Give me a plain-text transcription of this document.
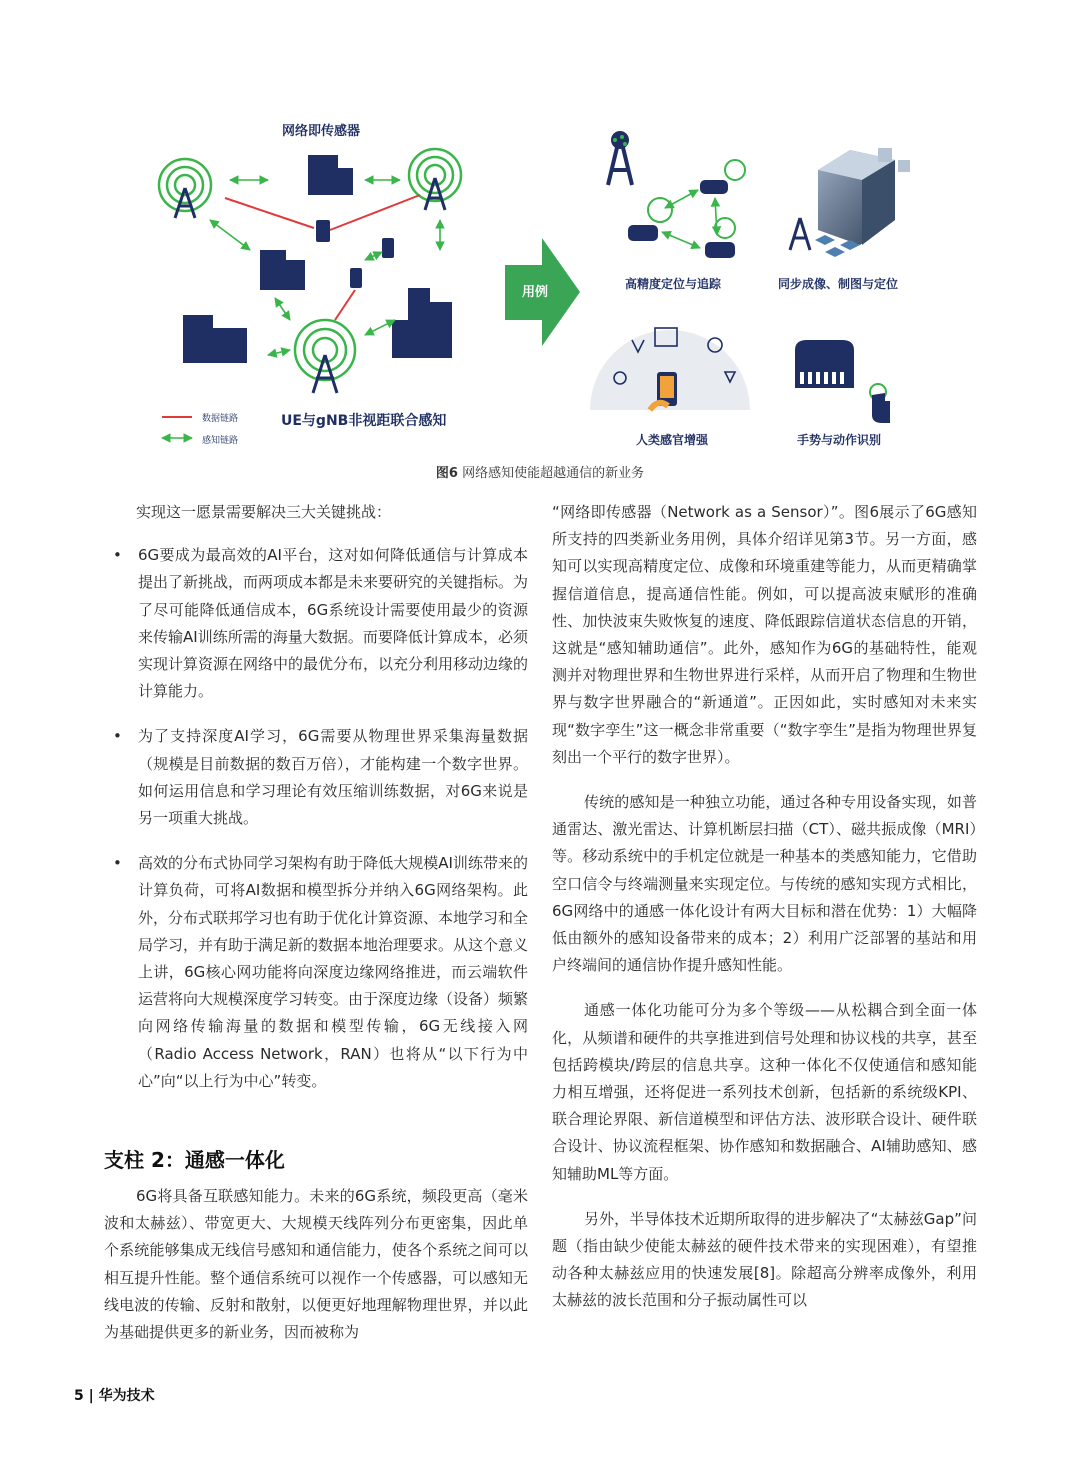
网络即传感器
UE与gNB非视距联合感知
数据链路
感知链路
用例
高精度定位与追踪	同步成像、制图与定位
人类感官增强	手势与动作识别
图6 网络感知使能超越通信的新业务

实现这一愿景需要解决三大关键挑战：

• 6G要成为最高效的AI平台，这对如何降低通信与计算成本提出了新挑战，而两项成本都是未来要研究的关键指标。为了尽可能降低通信成本，6G系统设计需要使用最少的资源来传输AI训练所需的海量大数据。而要降低计算成本，必须实现计算资源在网络中的最优分布，以充分利用移动边缘的计算能力。

• 为了支持深度AI学习，6G需要从物理世界采集海量数据（规模是目前数据的数百万倍），才能构建一个数字世界。如何运用信息和学习理论有效压缩训练数据，对6G来说是另一项重大挑战。

• 高效的分布式协同学习架构有助于降低大规模AI训练带来的计算负荷，可将AI数据和模型拆分并纳入6G网络架构。此外，分布式联邦学习也有助于优化计算资源、本地学习和全局学习，并有助于满足新的数据本地治理要求。从这个意义上讲，6G核心网功能将向深度边缘网络推进，而云端软件运营将向大规模深度学习转变。由于深度边缘（设备）频繁向网络传输海量的数据和模型传输，6G无线接入网（Radio Access Network，RAN）也将从“以下行为中心”向“以上行为中心”转变。

支柱 2：通感一体化

6G将具备互联感知能力。未来的6G系统，频段更高（毫米波和太赫兹）、带宽更大、大规模天线阵列分布更密集，因此单个系统能够集成无线信号感知和通信能力，使各个系统之间可以相互提升性能。整个通信系统可以视作一个传感器，可以感知无线电波的传输、反射和散射，以便更好地理解物理世界，并以此为基础提供更多的新业务，因而被称为

“网络即传感器（Network as a Sensor）”。图6展示了6G感知所支持的四类新业务用例，具体介绍详见第3节。另一方面，感知可以实现高精度定位、成像和环境重建等能力，从而更精确掌握信道信息，提高通信性能。例如，可以提高波束赋形的准确性、加快波束失败恢复的速度、降低跟踪信道状态信息的开销，这就是“感知辅助通信”。此外，感知作为6G的基础特性，能观测并对物理世界和生物世界进行采样，从而开启了物理和生物世界与数字世界融合的“新通道”。正因如此，实时感知对未来实现“数字孪生”这一概念非常重要（“数字孪生”是指为物理世界复刻出一个平行的数字世界）。

传统的感知是一种独立功能，通过各种专用设备实现，如普通雷达、激光雷达、计算机断层扫描（CT）、磁共振成像（MRI）等。移动系统中的手机定位就是一种基本的类感知能力，它借助空口信令与终端测量来实现定位。与传统的感知实现方式相比，6G网络中的通感一体化设计有两大目标和潜在优势：1）大幅降低由额外的感知设备带来的成本；2）利用广泛部署的基站和用户终端间的通信协作提升感知性能。

通感一体化功能可分为多个等级——从松耦合到全面一体化，从频谱和硬件的共享推进到信号处理和协议栈的共享，甚至包括跨模块/跨层的信息共享。这种一体化不仅使通信和感知能力相互增强，还将促进一系列技术创新，包括新的系统级KPI、联合理论界限、新信道模型和评估方法、波形联合设计、硬件联合设计、协议流程框架、协作感知和数据融合、AI辅助感知、感知辅助ML等方面。

另外，半导体技术近期所取得的进步解决了“太赫兹Gap”问题（指由缺少使能太赫兹的硬件技术带来的实现困难），有望推动各种太赫兹应用的快速发展[8]。除超高分辨率成像外，利用太赫兹的波长范围和分子振动属性可以

5 | 华为技术
